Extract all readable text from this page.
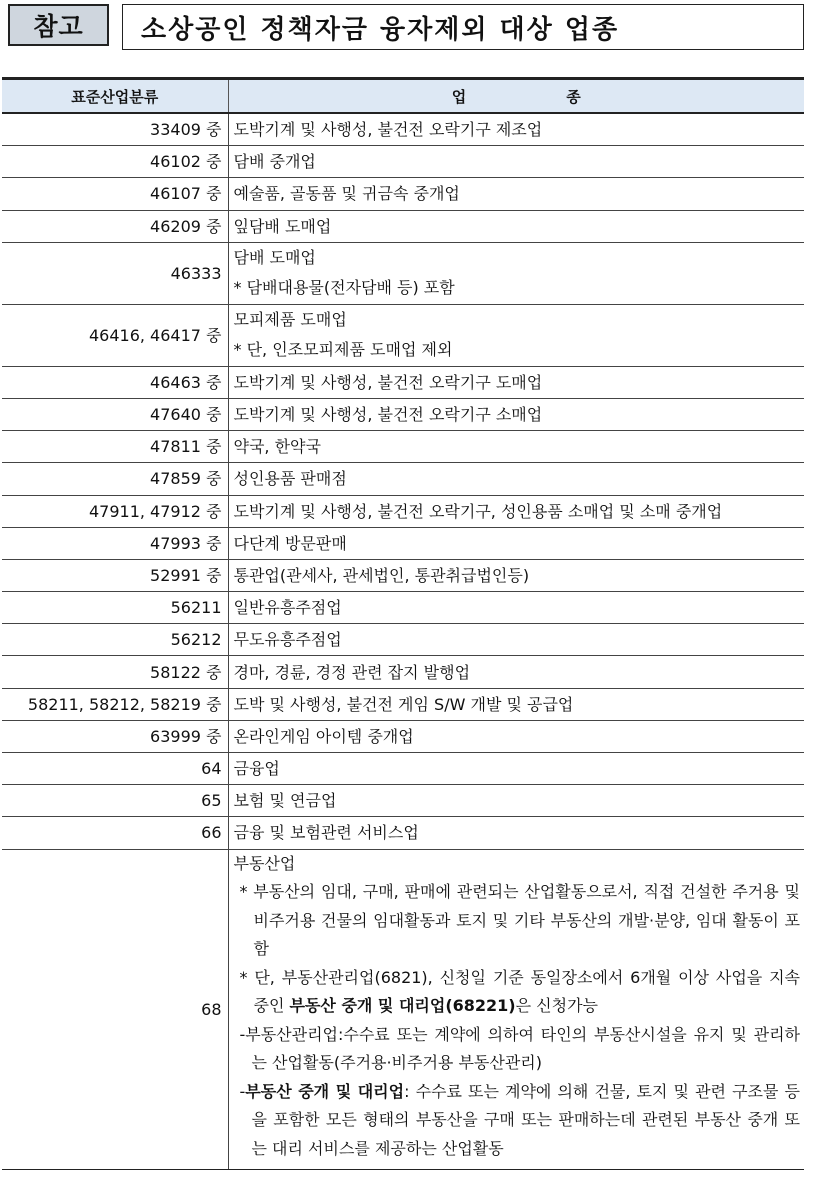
참고	소상공인 정책자금 융자제외 대상 업종
표준산업분류	업 종

33409 중	도박기계 및 사행성, 불건전 오락기구 제조업
46102 중	담배 중개업
46107 중	예술품, 골동품 및 귀금속 중개업
46209 중	잎담배 도매업
46333	담배 도매업
* 담배대용물(전자담배 등) 포함

46416, 46417 중	모피제품 도매업
* 단, 인조모피제품 도매업 제외

46463 중	도박기계 및 사행성, 불건전 오락기구 도매업
47640 중	도박기계 및 사행성, 불건전 오락기구 소매업
47811 중	약국, 한약국
47859 중	성인용품 판매점
47911, 47912 중	도박기계 및 사행성, 불건전 오락기구, 성인용품 소매업 및 소매 중개업
47993 중	다단계 방문판매
52991 중	통관업(관세사, 관세법인, 통관취급법인등)
56211	일반유흥주점업
56212	무도유흥주점업
58122 중	경마, 경륜, 경정 관련 잡지 발행업
58211, 58212, 58219 중	도박 및 사행성, 불건전 게임 S/W 개발 및 공급업
63999 중	온라인게임 아이템 중개업
64	금융업
65	보험 및 연금업
66	금융 및 보험관련 서비스업
68	부동산업
* 부동산의 임대, 구매, 판매에 관련되는 산업활동으로서, 직접 건설한 주거용 및 비주거용 건물의 임대활동과 토지 및 기타 부동산의 개발·분양, 임대 활동이 포함
* 단, 부동산관리업(6821), 신청일 기준 동일장소에서 6개월 이상 사업을 지속 중인 부동산 중개 및 대리업(68221)은 신청가능
-부동산관리업:수수료 또는 계약에 의하여 타인의 부동산시설을 유지 및 관리하는 산업활동(주거용·비주거용 부동산관리)
-부동산 중개 및 대리업: 수수료 또는 계약에 의해 건물, 토지 및 관련 구조물 등을 포함한 모든 형태의 부동산을 구매 또는 판매하는데 관련된 부동산 중개 또는 대리 서비스를 제공하는 산업활동
